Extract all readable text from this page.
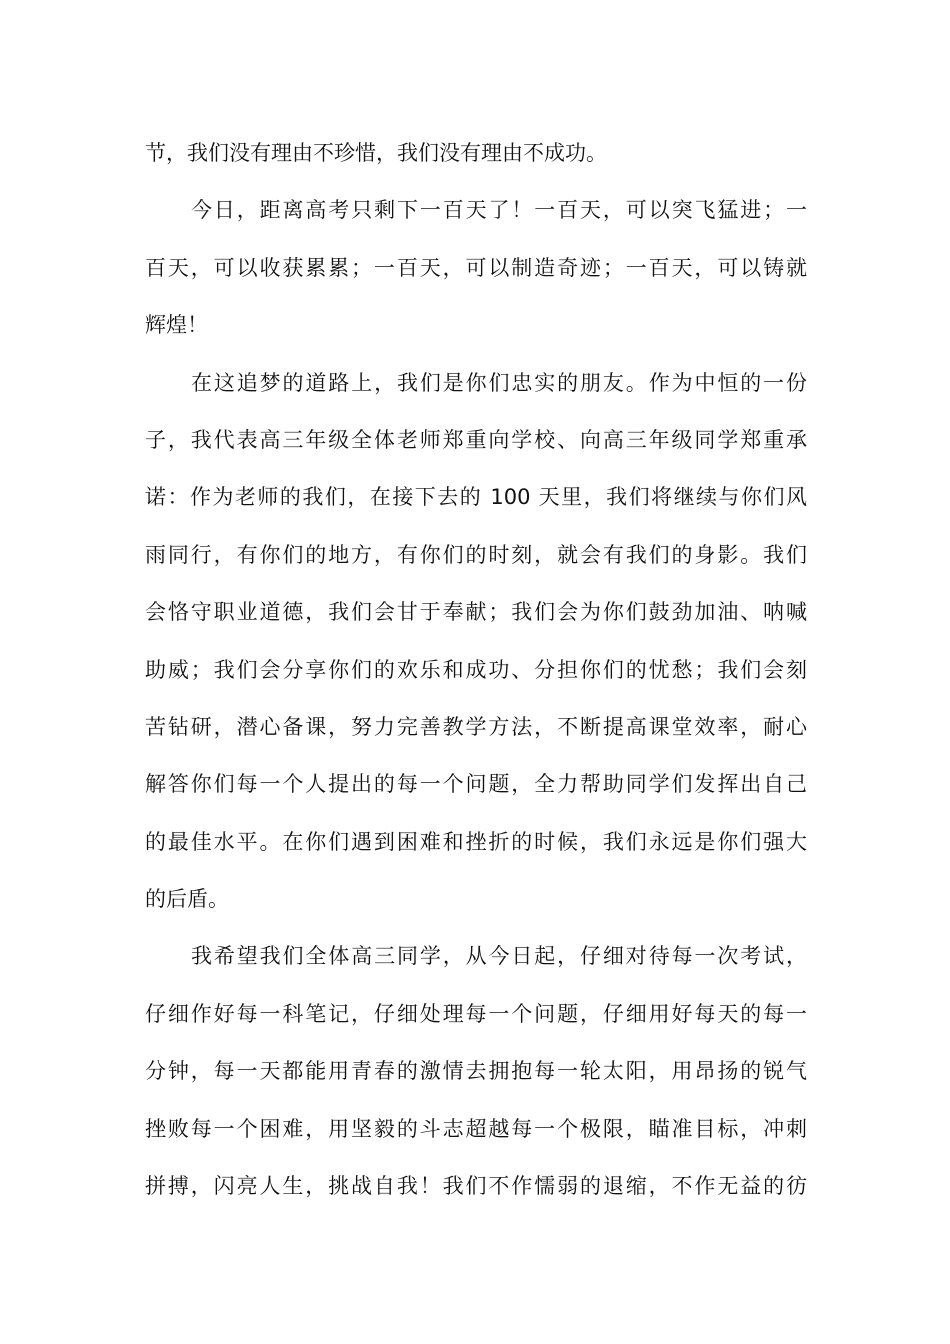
节，我们没有理由不珍惜，我们没有理由不成功。
今日，距离高考只剩下一百天了！一百天，可以突飞猛进；一
百天，可以收获累累；一百天，可以制造奇迹；一百天，可以铸就
辉煌！
在这追梦的道路上，我们是你们忠实的朋友。作为中恒的一份
子，我代表高三年级全体老师郑重向学校、向高三年级同学郑重承
诺：作为老师的我们，在接下去的 100 天里，我们将继续与你们风
雨同行，有你们的地方，有你们的时刻，就会有我们的身影。我们
会恪守职业道德，我们会甘于奉献；我们会为你们鼓劲加油、呐喊
助威；我们会分享你们的欢乐和成功、分担你们的忧愁；我们会刻
苦钻研，潜心备课，努力完善教学方法，不断提高课堂效率，耐心
解答你们每一个人提出的每一个问题，全力帮助同学们发挥出自己
的最佳水平。在你们遇到困难和挫折的时候，我们永远是你们强大
的后盾。
我希望我们全体高三同学，从今日起，仔细对待每一次考试，
仔细作好每一科笔记，仔细处理每一个问题，仔细用好每天的每一
分钟，每一天都能用青春的激情去拥抱每一轮太阳，用昂扬的锐气
挫败每一个困难，用坚毅的斗志超越每一个极限，瞄准目标，冲刺
拼搏，闪亮人生，挑战自我！我们不作懦弱的退缩，不作无益的彷
